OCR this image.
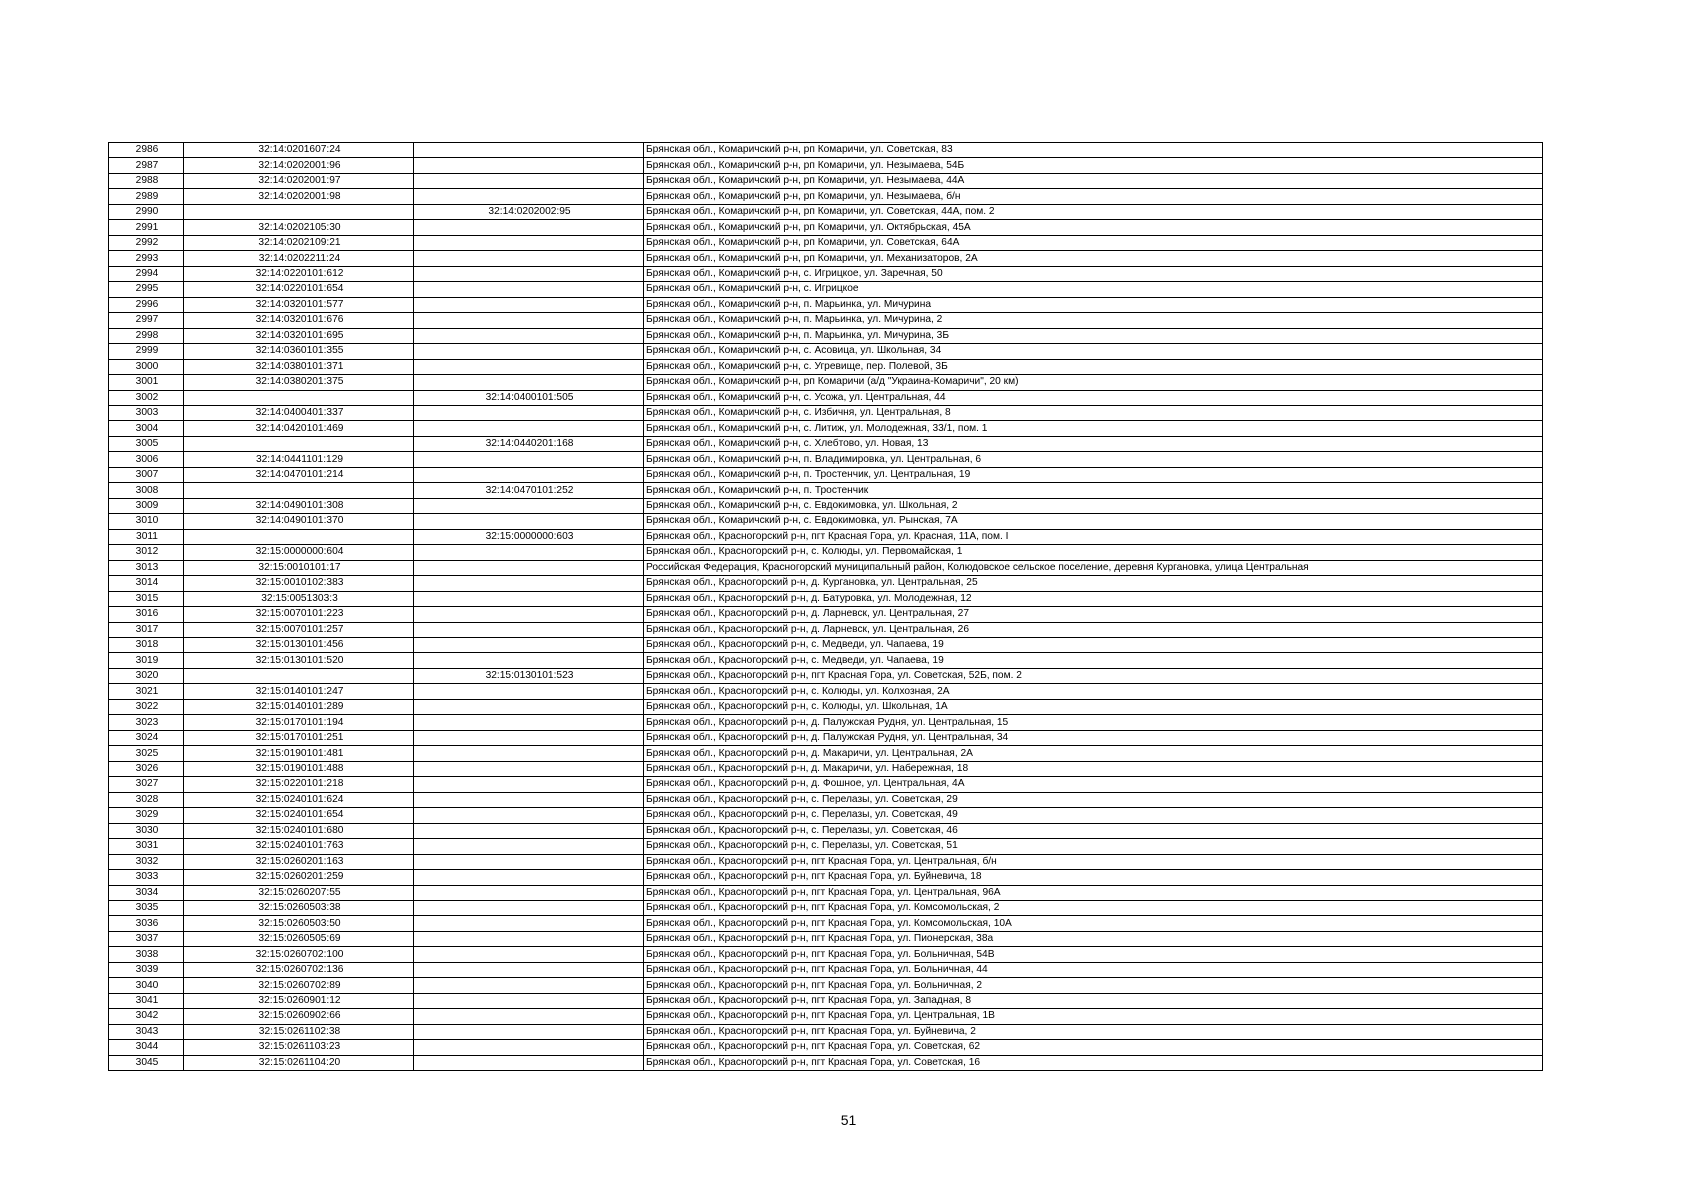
2986	32:14:0201607:24		Брянская обл., Комаричский р-н, рп Комаричи, ул. Советская, 83
2987	32:14:0202001:96		Брянская обл., Комаричский р-н, рп Комаричи, ул. Незымаева, 54Б
2988	32:14:0202001:97		Брянская обл., Комаричский р-н, рп Комаричи, ул. Незымаева, 44А
2989	32:14:0202001:98		Брянская обл., Комаричский р-н, рп Комаричи, ул. Незымаева, б/н
2990		32:14:0202002:95	Брянская обл., Комаричский р-н, рп Комаричи, ул. Советская, 44А, пом. 2
2991	32:14:0202105:30		Брянская обл., Комаричский р-н, рп Комаричи, ул. Октябрьская, 45А
2992	32:14:0202109:21		Брянская обл., Комаричский р-н, рп Комаричи, ул. Советская, 64А
2993	32:14:0202211:24		Брянская обл., Комаричский р-н, рп Комаричи, ул. Механизаторов, 2А
2994	32:14:0220101:612		Брянская обл., Комаричский р-н, с. Игрицкое, ул. Заречная, 50
2995	32:14:0220101:654		Брянская обл., Комаричский р-н, с. Игрицкое
2996	32:14:0320101:577		Брянская обл., Комаричский р-н, п. Марьинка, ул. Мичурина
2997	32:14:0320101:676		Брянская обл., Комаричский р-н, п. Марьинка, ул. Мичурина, 2
2998	32:14:0320101:695		Брянская обл., Комаричский р-н, п. Марьинка, ул. Мичурина, 3Б
2999	32:14:0360101:355		Брянская обл., Комаричский р-н, с. Асовица, ул. Школьная, 34
3000	32:14:0380101:371		Брянская обл., Комаричский р-н, с. Угревище, пер. Полевой, 3Б
3001	32:14:0380201:375		Брянская обл., Комаричский р-н, рп Комаричи (а/д "Украина-Комаричи", 20 км)
3002		32:14:0400101:505	Брянская обл., Комаричский р-н, с. Усожа, ул. Центральная, 44
3003	32:14:0400401:337		Брянская обл., Комаричский р-н, с. Избичня, ул. Центральная, 8
3004	32:14:0420101:469		Брянская обл., Комаричский р-н, с. Литиж, ул. Молодежная, 33/1, пом. 1
3005		32:14:0440201:168	Брянская обл., Комаричский р-н, с. Хлебтово, ул. Новая, 13
3006	32:14:0441101:129		Брянская обл., Комаричский р-н, п. Владимировка, ул. Центральная, 6
3007	32:14:0470101:214		Брянская обл., Комаричский р-н, п. Тростенчик, ул. Центральная, 19
3008		32:14:0470101:252	Брянская обл., Комаричский р-н, п. Тростенчик
3009	32:14:0490101:308		Брянская обл., Комаричский р-н, с. Евдокимовка, ул. Школьная, 2
3010	32:14:0490101:370		Брянская обл., Комаричский р-н, с. Евдокимовка, ул. Рынская, 7А
3011		32:15:0000000:603	Брянская обл., Красногорский р-н, пгт Красная Гора, ул. Красная, 11А, пом. I
3012	32:15:0000000:604		Брянская обл., Красногорский р-н, с. Колюды, ул. Первомайская, 1
3013	32:15:0010101:17		Российская Федерация, Красногорский муниципальный район, Колюдовское сельское поселение, деревня Кургановка, улица Центральная
3014	32:15:0010102:383		Брянская обл., Красногорский р-н, д. Кургановка, ул. Центральная, 25
3015	32:15:0051303:3		Брянская обл., Красногорский р-н, д. Батуровка, ул. Молодежная, 12
3016	32:15:0070101:223		Брянская обл., Красногорский р-н, д. Ларневск, ул. Центральная, 27
3017	32:15:0070101:257		Брянская обл., Красногорский р-н, д. Ларневск, ул. Центральная, 26
3018	32:15:0130101:456		Брянская обл., Красногорский р-н, с. Медведи, ул. Чапаева, 19
3019	32:15:0130101:520		Брянская обл., Красногорский р-н, с. Медведи, ул. Чапаева, 19
3020		32:15:0130101:523	Брянская обл., Красногорский р-н, пгт Красная Гора, ул. Советская, 52Б, пом. 2
3021	32:15:0140101:247		Брянская обл., Красногорский р-н, с. Колюды, ул. Колхозная, 2А
3022	32:15:0140101:289		Брянская обл., Красногорский р-н, с. Колюды, ул. Школьная, 1А
3023	32:15:0170101:194		Брянская обл., Красногорский р-н, д. Палужская Рудня, ул. Центральная, 15
3024	32:15:0170101:251		Брянская обл., Красногорский р-н, д. Палужская Рудня, ул. Центральная, 34
3025	32:15:0190101:481		Брянская обл., Красногорский р-н, д. Макаричи, ул. Центральная, 2А
3026	32:15:0190101:488		Брянская обл., Красногорский р-н, д. Макаричи, ул. Набережная, 18
3027	32:15:0220101:218		Брянская обл., Красногорский р-н, д. Фошное, ул. Центральная, 4А
3028	32:15:0240101:624		Брянская обл., Красногорский р-н, с. Перелазы, ул. Советская, 29
3029	32:15:0240101:654		Брянская обл., Красногорский р-н, с. Перелазы, ул. Советская, 49
3030	32:15:0240101:680		Брянская обл., Красногорский р-н, с. Перелазы, ул. Советская, 46
3031	32:15:0240101:763		Брянская обл., Красногорский р-н, с. Перелазы, ул. Советская, 51
3032	32:15:0260201:163		Брянская обл., Красногорский р-н, пгт Красная Гора, ул. Центральная, б/н
3033	32:15:0260201:259		Брянская обл., Красногорский р-н, пгт Красная Гора, ул. Буйневича, 18
3034	32:15:0260207:55		Брянская обл., Красногорский р-н, пгт Красная Гора, ул. Центральная, 96А
3035	32:15:0260503:38		Брянская обл., Красногорский р-н, пгт Красная Гора, ул. Комсомольская, 2
3036	32:15:0260503:50		Брянская обл., Красногорский р-н, пгт Красная Гора, ул. Комсомольская, 10А
3037	32:15:0260505:69		Брянская обл., Красногорский р-н, пгт Красная Гора, ул. Пионерская, 38а
3038	32:15:0260702:100		Брянская обл., Красногорский р-н, пгт Красная Гора, ул. Больничная, 54В
3039	32:15:0260702:136		Брянская обл., Красногорский р-н, пгт Красная Гора, ул. Больничная, 44
3040	32:15:0260702:89		Брянская обл., Красногорский р-н, пгт Красная Гора, ул. Больничная, 2
3041	32:15:0260901:12		Брянская обл., Красногорский р-н, пгт Красная Гора, ул. Западная, 8
3042	32:15:0260902:66		Брянская обл., Красногорский р-н, пгт Красная Гора, ул. Центральная, 1В
3043	32:15:0261102:38		Брянская обл., Красногорский р-н, пгт Красная Гора, ул. Буйневича, 2
3044	32:15:0261103:23		Брянская обл., Красногорский р-н, пгт Красная Гора, ул. Советская, 62
3045	32:15:0261104:20		Брянская обл., Красногорский р-н, пгт Красная Гора, ул. Советская, 16
51
